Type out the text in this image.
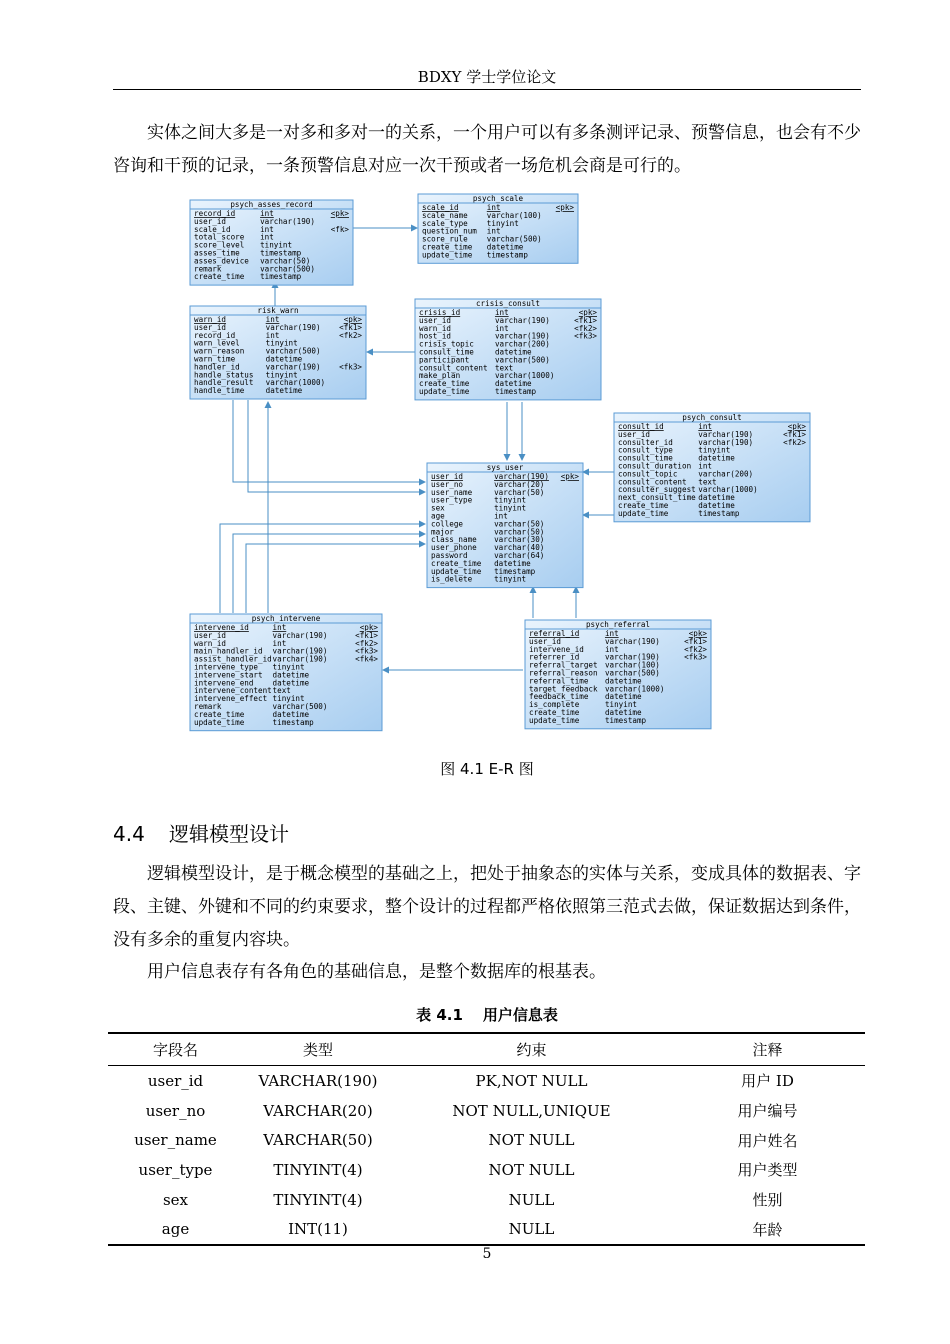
BDXY 学士学位论文

实体之间大多是一对多和多对一的关系，一个用户可以有多条测评记录、预警信息，也会有不少咨询和干预的记录，一条预警信息对应一次干预或者一场危机会商是可行的。

psych_asses_record
record_id	int	<pk>
user_id	varchar(190)
scale_id	int	<fk>
total_score int
score_level tinyint
asses_time	timestamp
asses_device varchar(50)
remark	varchar(500)
create_time timestamp
psych_scale
scale_id	int	<pk>
scale_name	varchar(100)
scale_type	tinyint
question_num int
score_rule	varchar(500)
create_time datetime
update_time timestamp
risk_warn
warn_id	int	<pk>
user_id	varchar(190) <fk1>
record_id	int	<fk2>
warn_level	tinyint
warn_reason	varchar(500)
warn_time	datetime
handler_id	varchar(190) <fk3>
handle_status tinyint
handle_result varchar(1000)
handle_time	datetime
crisis_consult
crisis_id	int	<pk>
user_id	varchar(190)	<fk1>
warn_id	int	<fk2>
host_id	varchar(190)	<fk3>
crisis_topic	varchar(200)
consult_time	datetime
participant	varchar(500)
consult_content text
make_plan	varchar(1000)
create_time	datetime
update_time	timestamp
psych_consult
consult_id	int	<pk>
user_id	varchar(190)	<fk1>
consulter_id	varchar(190)	<fk2>
consult_type	tinyint
consult_time	datetime
consult_duration int
consult_topic	varchar(200)
consult_content text
consulter_suggest varchar(1000)
next_consult_time datetime
create_time	datetime
update_time	timestamp
sys_user
user_id	varchar(190) <pk>
user_no	varchar(20)
user_name	varchar(50)
user_type	tinyint
sex	tinyint
age	int
college	varchar(50)
major	varchar(50)
class_name varchar(30)
user_phone varchar(40)
password	varchar(64)
create_time datetime
update_time timestamp
is_delete	tinyint
psych_intervene
intervene_id	int	<pk>
user_id	varchar(190)	<fk1>
warn_id	int	<fk2>
main_handler_id varchar(190)	<fk3>
assist_handler_id varchar(190)	<fk4>
intervene_type tinyint
intervene_start datetime
intervene_end	datetime
intervene_content text
intervene_effect tinyint
remark	varchar(500)
create_time	datetime
update_time	timestamp
psych_referral
referral_id	int	<pk>
user_id	varchar(190)	<fk1>
intervene_id	int	<fk2>
referrer_id	varchar(190)	<fk3>
referral_target varchar(100)
referral_reason varchar(500)
referral_time datetime
target_feedback varchar(1000)
feedback_time datetime
is_complete	tinyint
create_time	datetime
update_time	timestamp
图 4.1 E-R 图
4.4 逻辑模型设计

逻辑模型设计，是于概念模型的基础之上，把处于抽象态的实体与关系，变成具体的数据表、字段、主键、外键和不同的约束要求，整个设计的过程都严格依照第三范式去做，保证数据达到条件，没有多余的重复内容块。

用户信息表存有各角色的基础信息，是整个数据库的根基表。

表 4.1 用户信息表
字段名	类型	约束	注释
user_id	VARCHAR(190)	PK,NOT NULL	用户 ID
user_no	VARCHAR(20)	NOT NULL,UNIQUE	用户编号
user_name	VARCHAR(50)	NOT NULL	用户姓名
user_type	TINYINT(4)	NOT NULL	用户类型
sex	TINYINT(4)	NULL	性别
age	INT(11)	NULL	年龄
5
